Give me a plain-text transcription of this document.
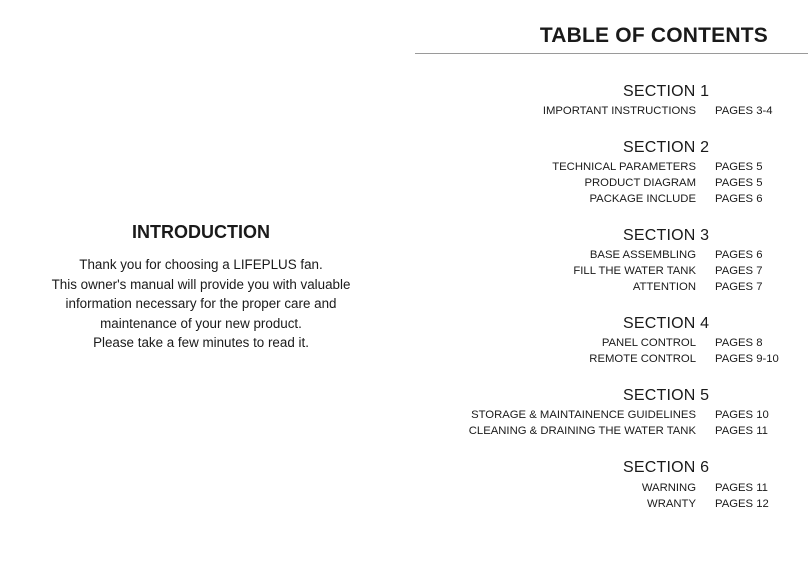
TABLE OF CONTENTS
INTRODUCTION
Thank you for choosing a LIFEPLUS fan.
This owner's manual will provide you with valuable
information necessary for the proper care and
maintenance of your new product.
Please take a few minutes to read it.
SECTION 1
IMPORTANT INSTRUCTIONS PAGES 3-4
SECTION 2
TECHNICAL PARAMETERS PAGES 5
PRODUCT DIAGRAM PAGES 5
PACKAGE INCLUDE PAGES 6
SECTION 3
BASE ASSEMBLING PAGES 6
FILL THE WATER TANK PAGES 7
ATTENTION PAGES 7
SECTION 4
PANEL CONTROL PAGES 8
REMOTE CONTROL PAGES 9-10
SECTION 5
STORAGE & MAINTAINENCE GUIDELINES PAGES 10
CLEANING & DRAINING THE WATER TANK PAGES 11
SECTION 6
WARNING PAGES 11
WRANTY PAGES 12
